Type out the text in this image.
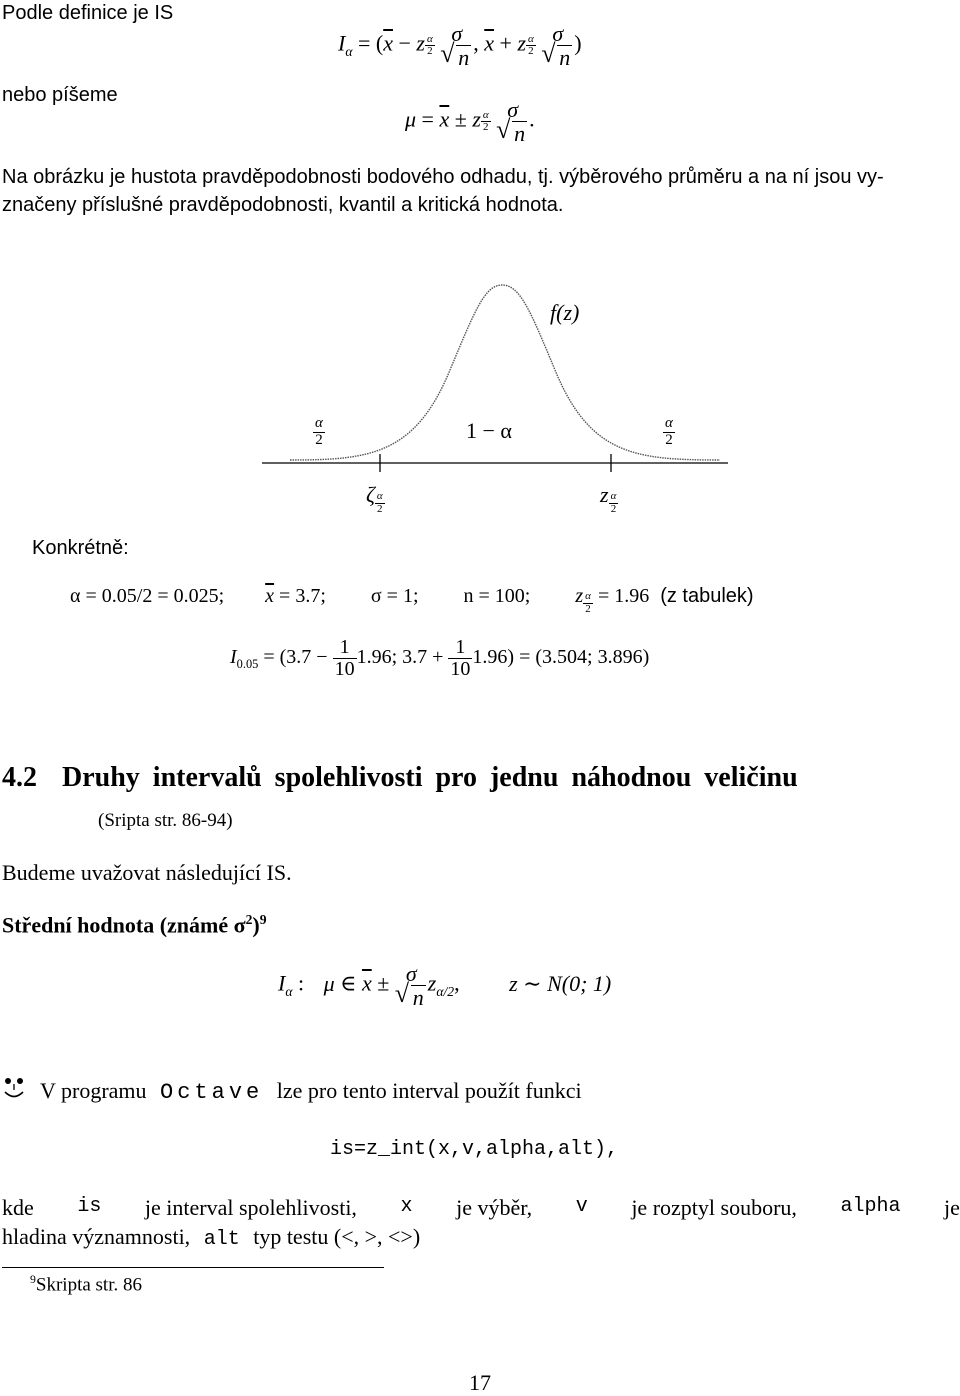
Podle definice je IS
nebo píšeme
$I_\alpha = (\overline{x} - z \frac{\alpha}{2}$
σ
√ n
, $\overline{x} + z \frac{\alpha}{2}$
σ
√ n
)
$\mu = \overline{x} \pm z \frac{\alpha}{2}$
σ
√ n
.
Na obrázku je hustota pravděpodobnosti bodového odhadu, tj. výběrového průměru a na ní jsou vy-
značeny příslušné pravděpodobnosti, kvantil a kritická hodnota.
f(z)
$\frac{\alpha}{2}$	1 − α	$\frac{\alpha}{2}$
ζ $\frac{\alpha}{2}$	z $\frac{\alpha}{2}$
Konkrétně:
α = 0.05/2 = 0.025; $\overline{x} = 3.7$; σ = 1; n = 100; z $\frac{\alpha}{2} = 1.96$ (z tabulek)
$I_{0.05} = (3.7 - \frac{1}{10} 1.96$; $3.7 + \frac{1}{10} 1.96) = (3.504$; 3.896)
4.2 Druhy intervalů spolehlivosti pro jednu náhodnou veličinu
(Sripta str. 86-94)
Budeme uvažovat následující IS.
Střední hodnota (známé $\sigma^2)^9$
$I_\alpha$ : μ ∈ $\overline{x} \pm \sigma$
√ n
$z_{\alpha/2}$, z ∼ N(0; 1)
V programu Octave lze pro tento interval použít funkci
is=z_int(x,v,alpha,alt),
kde is je interval spolehlivosti, x je výběr, v je rozptyl souboru, alpha je
hladina významnosti, alt typ testu (<, >, <>)
$^9$Skripta str. 86
17
